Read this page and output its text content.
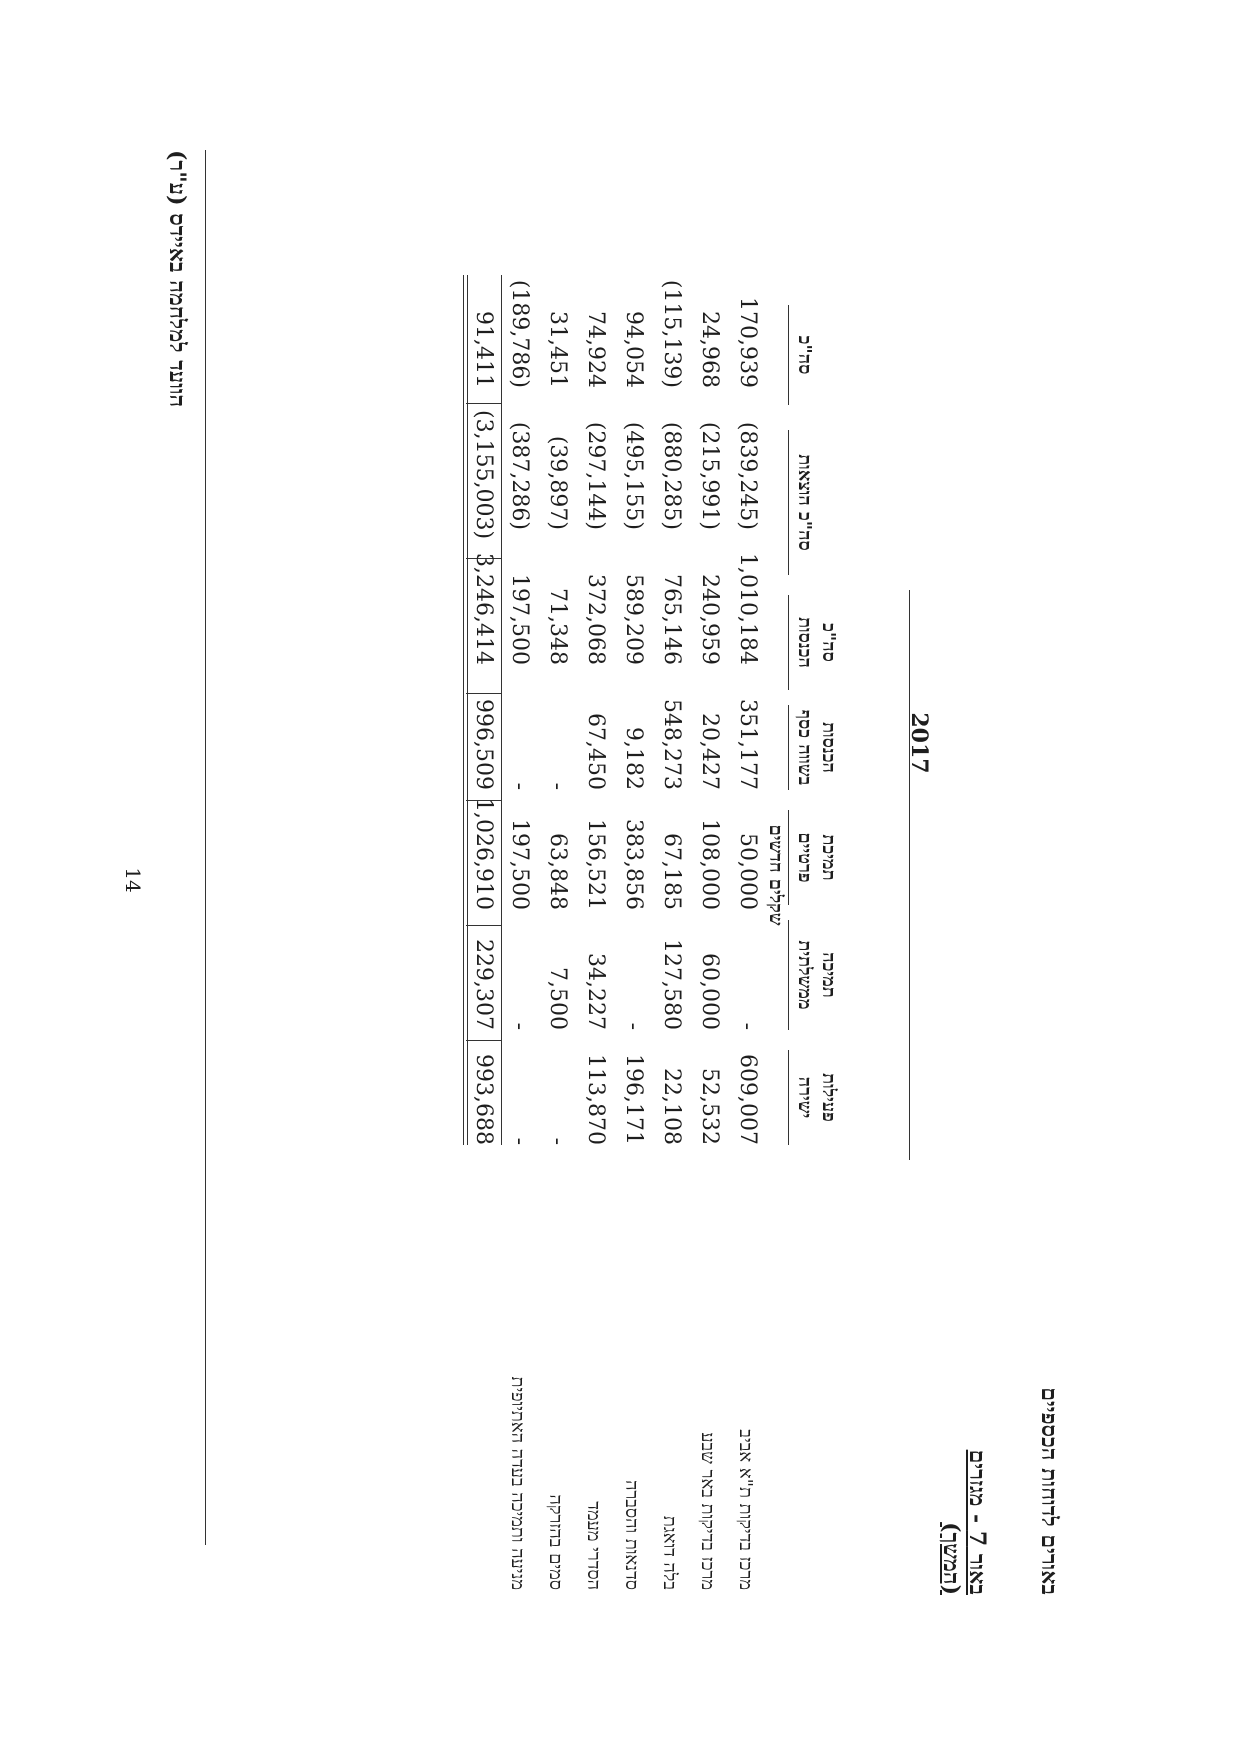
באורים לדוחות הכספיים
הוועד למלחמה באיידס (ע"ר)
באור 7 - מגזרים (המשך)
2017
פעילות ישירה
תמיכה ממשלתית
תמיכת פרטיים
הכנסות בשווה כסף
סה"כ הכנסות
סה"כ הוצאות
סה"כ
שקלים חדשים
מרכז בדיקות ת"א אביב
מרכז בדיקות באר שבע
בלה דואגת
סדנאות והסברה
הסדרי מעמד
סמים בהזרקה
מניעה ותמיכה בעדה האתיופית
609,007
-
50,000
351,177
1,010,184
(839,245)
170,939
52,532
60,000
108,000
20,427
240,959
(215,991)
24,968
22,108
127,580
67,185
548,273
765,146
(880,285)
(115,139)
196,171
-
383,856
9,182
589,209
(495,155)
94,054
113,870
34,227
156,521
67,450
372,068
(297,144)
74,924
-
7,500
63,848
-
71,348
(39,897)
31,451
-
-
197,500
-
197,500
(387,286)
(189,786)
993,688
229,307
1,026,910
996,509
3,246,414
(3,155,003)
91,411
14
